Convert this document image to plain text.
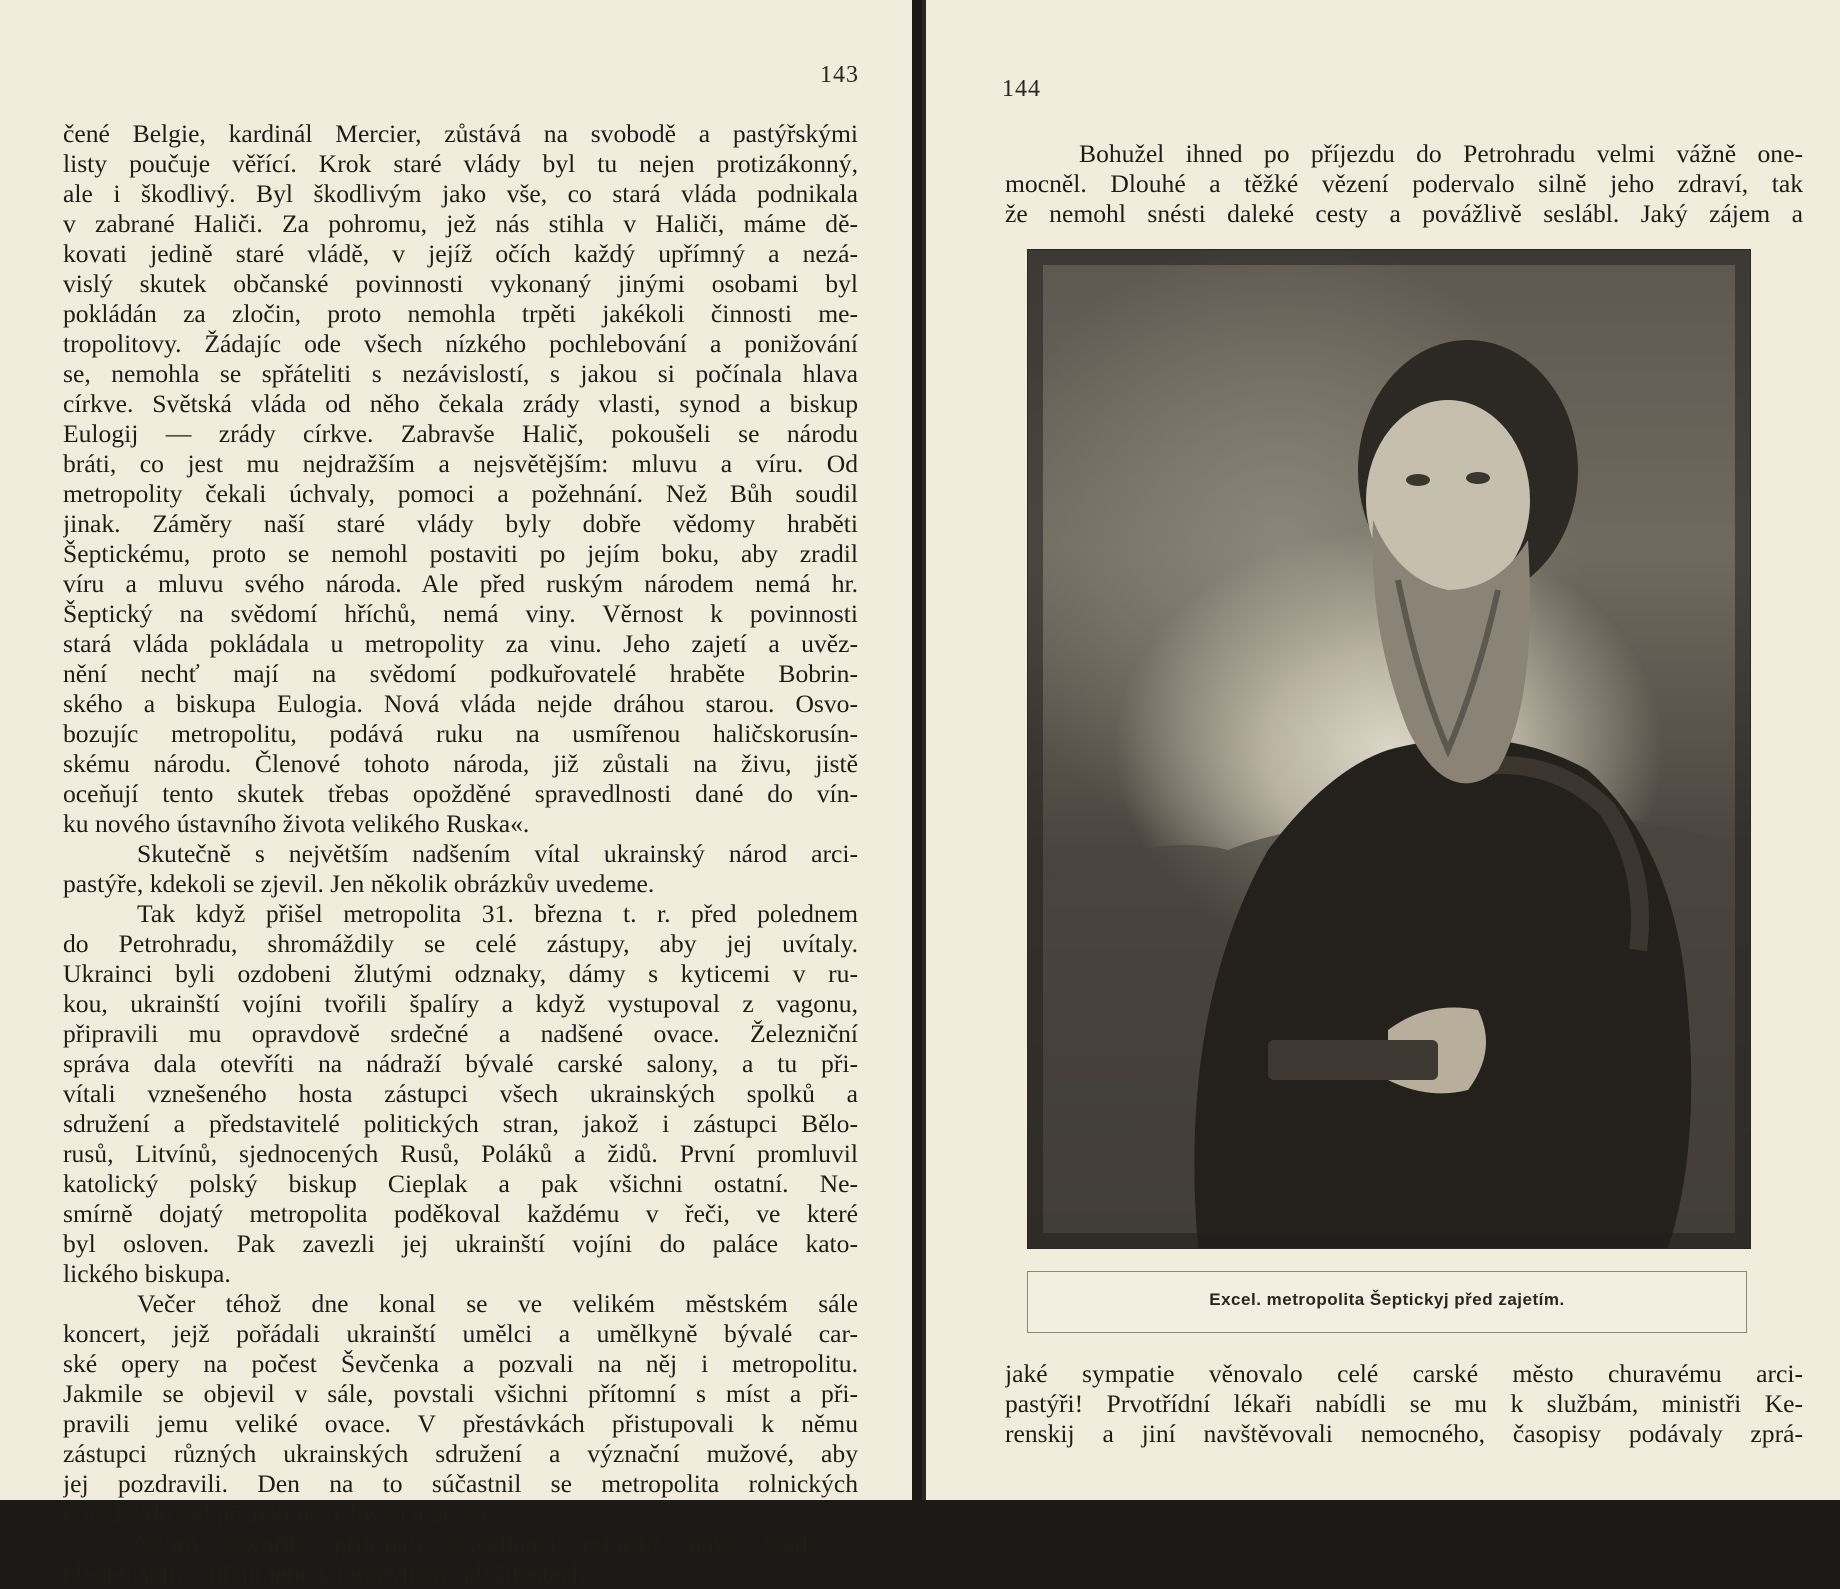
143
čené Belgie, kardinál Mercier, zůstává na svobodě a pastýřskými
listy poučuje věřící. Krok staré vlády byl tu nejen protizákonný,
ale i škodlivý. Byl škodlivým jako vše, co stará vláda podnikala
v zabrané Haliči. Za pohromu, jež nás stihla v Haliči, máme dě-
kovati jedině staré vládě, v jejíž očích každý upřímný a nezá-
vislý skutek občanské povinnosti vykonaný jinými osobami byl
pokládán za zločin, proto nemohla trpěti jakékoli činnosti me-
tropolitovy. Žádajíc ode všech nízkého pochlebování a ponižování
se, nemohla se spřáteliti s nezávislostí, s jakou si počínala hlava
církve. Světská vláda od něho čekala zrády vlasti, synod a biskup
Eulogij — zrády církve. Zabravše Halič, pokoušeli se národu
bráti, co jest mu nejdražším a nejsvětějším: mluvu a víru. Od
metropolity čekali úchvaly, pomoci a požehnání. Než Bůh soudil
jinak. Záměry naší staré vlády byly dobře vědomy hraběti
Šeptickému, proto se nemohl postaviti po jejím boku, aby zradil
víru a mluvu svého národa. Ale před ruským národem nemá hr.
Šeptický na svědomí hříchů, nemá viny. Věrnost k povinnosti
stará vláda pokládala u metropolity za vinu. Jeho zajetí a uvěz-
nění nechť mají na svědomí podkuřovatelé hraběte Bobrin-
ského a biskupa Eulogia. Nová vláda nejde dráhou starou. Osvo-
bozujíc metropolitu, podává ruku na usmířenou haličskorusín-
skému národu. Členové tohoto národa, již zůstali na živu, jistě
oceňují tento skutek třebas opožděné spravedlnosti dané do vín-
ku nového ústavního života velikého Ruska«.
Skutečně s největším nadšením vítal ukrainský národ arci-
pastýře, kdekoli se zjevil. Jen několik obrázkův uvedeme.
Tak když přišel metropolita 31. března t. r. před polednem
do Petrohradu, shromáždily se celé zástupy, aby jej uvítaly.
Ukrainci byli ozdobeni žlutými odznaky, dámy s kyticemi v ru-
kou, ukrainští vojíni tvořili špalíry a když vystupoval z vagonu,
připravili mu opravdově srdečné a nadšené ovace. Železniční
správa dala otevříti na nádraží bývalé carské salony, a tu při-
vítali vznešeného hosta zástupci všech ukrainských spolků a
sdružení a představitelé politických stran, jakož i zástupci Bělo-
rusů, Litvínů, sjednocených Rusů, Poláků a židů. První promluvil
katolický polský biskup Cieplak a pak všichni ostatní. Ne-
smírně dojatý metropolita poděkoval každému v řeči, ve které
byl osloven. Pak zavezli jej ukrainští vojíni do paláce kato-
lického biskupa.
Večer téhož dne konal se ve velikém městském sále
koncert, jejž pořádali ukrainští umělci a umělkyně bývalé car-
ské opery na počest Ševčenka a pozvali na něj i metropolitu.
Jakmile se objevil v sále, povstali všichni přítomní s míst a při-
pravili jemu veliké ovace. V přestávkách přistupovali k němu
zástupci různých ukrainských sdružení a význační mužové, aby
jej pozdravili. Den na to súčastnil se metropolita rolnických
porad, kde byl přiměřeně osloven a uctěn.
Velmi zdvořile přijímali Excellenci ministři nové vlády a
hleděli splniti přání jeho v církevních záležitostech.
144
Bohužel ihned po příjezdu do Petrohradu velmi vážně one-
mocněl. Dlouhé a těžké vězení podervalo silně jeho zdraví, tak
že nemohl snésti daleké cesty a povážlivě seslábl. Jaký zájem a
Excel. metropolita Šeptickyj před zajetím.
jaké sympatie věnovalo celé carské město churavému arci-
pastýři! Prvotřídní lékaři nabídli se mu k službám, ministři Ke-
renskij a jiní navštěvovali nemocného, časopisy podávaly zprá-
